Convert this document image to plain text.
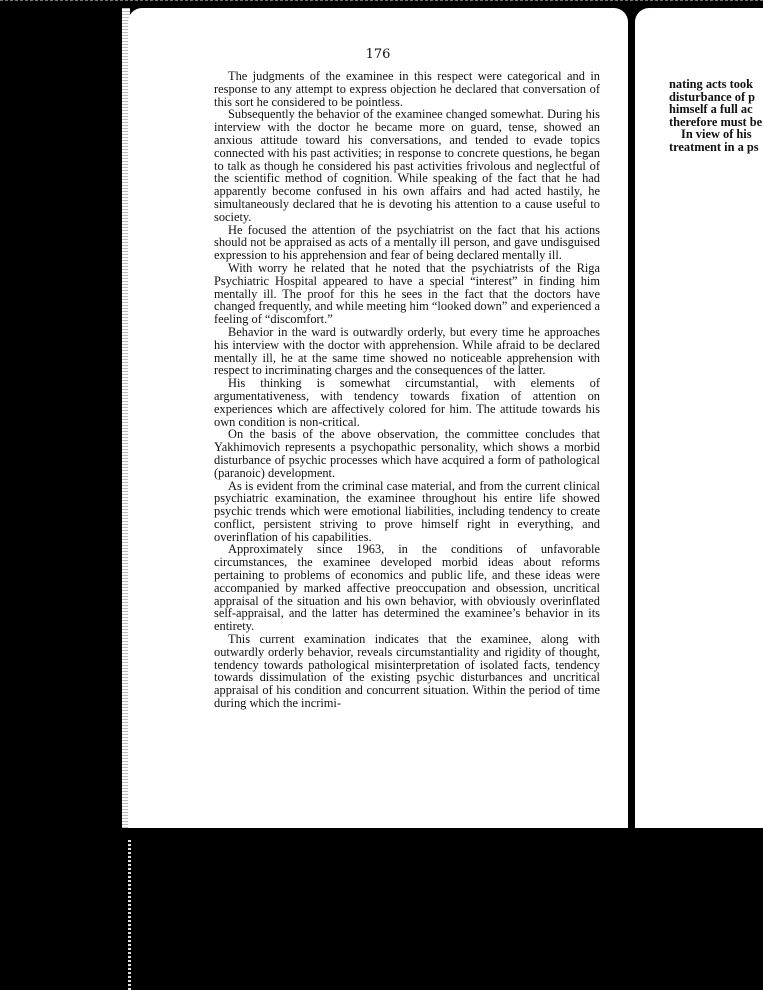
176

The judgments of the examinee in this respect were categorical and in response to any attempt to express objection he declared that conversation of this sort he considered to be pointless.

Subsequently the behavior of the examinee changed somewhat. During his interview with the doctor he became more on guard, tense, showed an anxious attitude toward his conversations, and tended to evade topics connected with his past activities; in response to concrete questions, he began to talk as though he considered his past activities frivolous and neglectful of the scientific method of cognition. While speaking of the fact that he had apparently become confused in his own affairs and had acted hastily, he simultaneously declared that he is devoting his attention to a cause useful to society.

He focused the attention of the psychiatrist on the fact that his actions should not be appraised as acts of a mentally ill person, and gave undisguised expression to his apprehension and fear of being declared mentally ill.

With worry he related that he noted that the psychiatrists of the Riga Psychiatric Hospital appeared to have a special “interest” in finding him mentally ill. The proof for this he sees in the fact that the doctors have changed frequently, and while meeting him “looked down” and experienced a feeling of “discomfort.”

Behavior in the ward is outwardly orderly, but every time he approaches his interview with the doctor with apprehension. While afraid to be declared mentally ill, he at the same time showed no noticeable apprehension with respect to incriminating charges and the consequences of the latter.

His thinking is somewhat circumstantial, with elements of argumentativeness, with tendency towards fixation of attention on experiences which are affectively colored for him. The attitude towards his own condition is non-critical.

On the basis of the above observation, the committee concludes that Yakhimovich represents a psychopathic personality, which shows a morbid disturbance of psychic processes which have acquired a form of pathological (paranoic) development.

As is evident from the criminal case material, and from the current clinical psychiatric examination, the examinee throughout his entire life showed psychic trends which were emotional liabilities, including tendency to create conflict, persistent striving to prove himself right in everything, and overinflation of his capabilities.

Approximately since 1963, in the conditions of unfavorable circumstances, the examinee developed morbid ideas about reforms pertaining to problems of economics and public life, and these ideas were accompanied by marked affective preoccupation and obsession, uncritical appraisal of the situation and his own behavior, with obviously overinflated self-appraisal, and the latter has determined the examinee’s behavior in its entirety.

This current examination indicates that the examinee, along with outwardly orderly behavior, reveals circumstantiality and rigidity of thought, tendency towards pathological misinterpretation of isolated facts, tendency towards dissimulation of the existing psychic disturbances and uncritical appraisal of his condition and concurrent situation. Within the period of time during which the incrimi-

nating acts took
disturbance of p
himself a full ac
therefore must be
In view of his
treatment in a ps
